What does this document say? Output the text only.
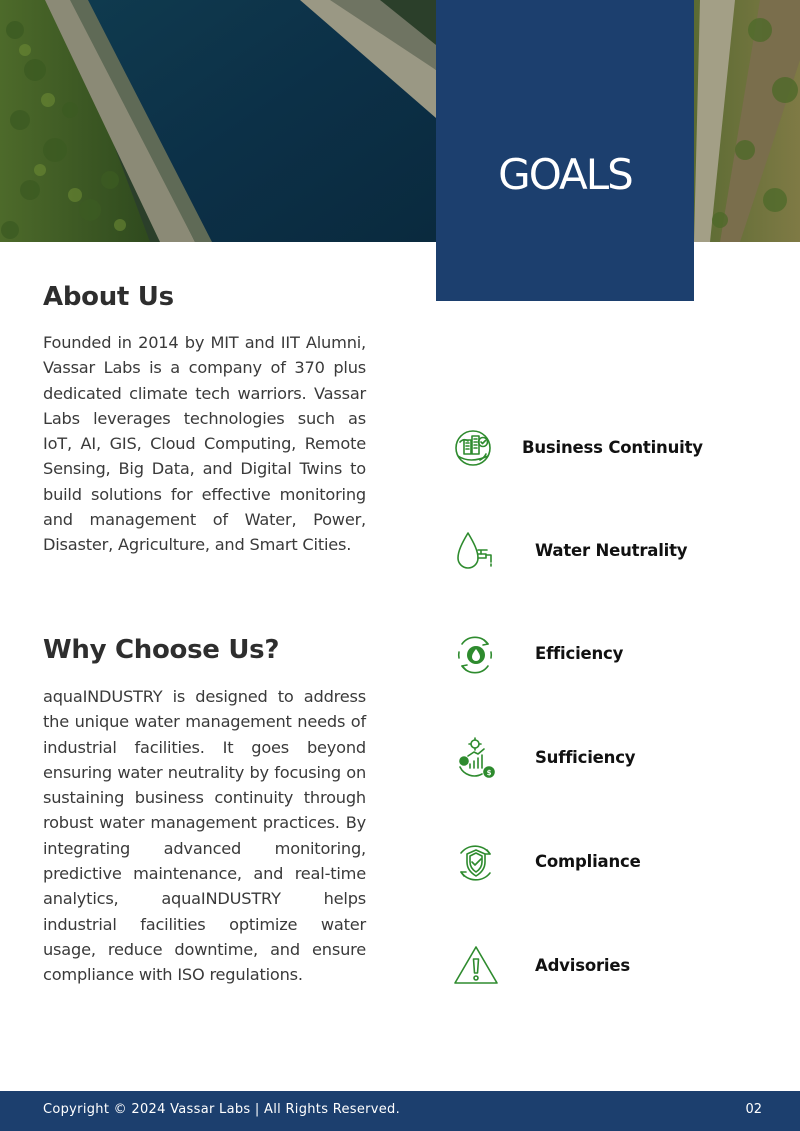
GOALS
About Us

Founded in 2014 by MIT and IIT Alumni, Vassar Labs is a company of 370 plus dedicated climate tech warriors. Vassar Labs leverages technologies such as IoT, AI, GIS, Cloud Computing, Remote Sensing, Big Data, and Digital Twins to build solutions for effective monitoring and management of Water, Power, Disaster, Agriculture, and Smart Cities.

Why Choose Us?

aquaINDUSTRY is designed to address the unique water management needs of industrial facilities. It goes beyond ensuring water neutrality by focusing on sustaining business continuity through robust water management practices. By integrating advanced monitoring, predictive maintenance, and real-time analytics, aquaINDUSTRY helps industrial facilities optimize water usage, reduce downtime, and ensure compliance with ISO regulations.

Business Continuity
Water Neutrality
Efficiency
$
Sufficiency
Compliance
Advisories
Copyright © 2024 Vassar Labs | All Rights Reserved.	02
